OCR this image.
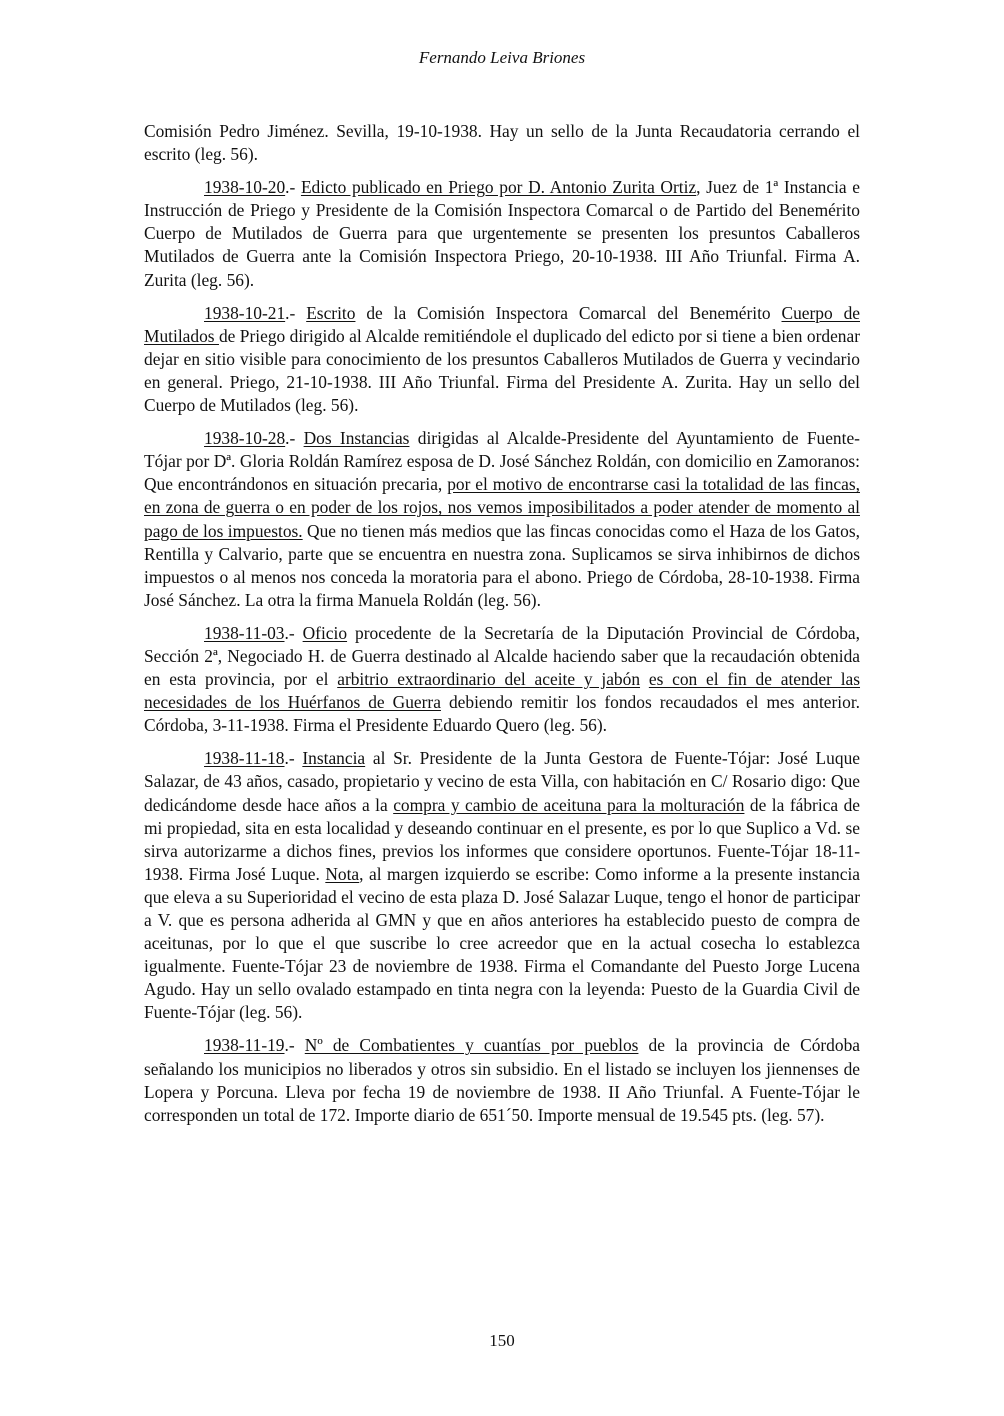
Fernando Leiva Briones

Comisión Pedro Jiménez. Sevilla, 19-10-1938. Hay un sello de la Junta Recaudatoria cerrando el escrito (leg. 56).

1938-10-20.- Edicto publicado en Priego por D. Antonio Zurita Ortiz, Juez de 1ª Instancia e Instrucción de Priego y Presidente de la Comisión Inspectora Comarcal o de Partido del Benemérito Cuerpo de Mutilados de Guerra para que urgentemente se presenten los presuntos Caballeros Mutilados de Guerra ante la Comisión Inspectora Priego, 20-10-1938. III Año Triunfal. Firma A. Zurita (leg. 56).

1938-10-21.- Escrito de la Comisión Inspectora Comarcal del Benemérito Cuerpo de Mutilados de Priego dirigido al Alcalde remitiéndole el duplicado del edicto por si tiene a bien ordenar dejar en sitio visible para conocimiento de los presuntos Caballeros Mutilados de Guerra y vecindario en general. Priego, 21-10-1938. III Año Triunfal. Firma del Presidente A. Zurita. Hay un sello del Cuerpo de Mutilados (leg. 56).

1938-10-28.- Dos Instancias dirigidas al Alcalde-Presidente del Ayuntamiento de Fuente-Tójar por Dª. Gloria Roldán Ramírez esposa de D. José Sánchez Roldán, con domicilio en Zamoranos: Que encontrándonos en situación precaria, por el motivo de encontrarse casi la totalidad de las fincas, en zona de guerra o en poder de los rojos, nos vemos imposibilitados a poder atender de momento al pago de los impuestos. Que no tienen más medios que las fincas conocidas como el Haza de los Gatos, Rentilla y Calvario, parte que se encuentra en nuestra zona. Suplicamos se sirva inhibirnos de dichos impuestos o al menos nos conceda la moratoria para el abono. Priego de Córdoba, 28-10-1938. Firma José Sánchez. La otra la firma Manuela Roldán (leg. 56).

1938-11-03.- Oficio procedente de la Secretaría de la Diputación Provincial de Córdoba, Sección 2ª, Negociado H. de Guerra destinado al Alcalde haciendo saber que la recaudación obtenida en esta provincia, por el arbitrio extraordinario del aceite y jabón es con el fin de atender las necesidades de los Huérfanos de Guerra debiendo remitir los fondos recaudados el mes anterior. Córdoba, 3-11-1938. Firma el Presidente Eduardo Quero (leg. 56).

1938-11-18.- Instancia al Sr. Presidente de la Junta Gestora de Fuente-Tójar: José Luque Salazar, de 43 años, casado, propietario y vecino de esta Villa, con habitación en C/ Rosario digo: Que dedicándome desde hace años a la compra y cambio de aceituna para la molturación de la fábrica de mi propiedad, sita en esta localidad y deseando continuar en el presente, es por lo que Suplico a Vd. se sirva autorizarme a dichos fines, previos los informes que considere oportunos. Fuente-Tójar 18-11-1938. Firma José Luque. Nota, al margen izquierdo se escribe: Como informe a la presente instancia que eleva a su Superioridad el vecino de esta plaza D. José Salazar Luque, tengo el honor de participar a V. que es persona adherida al GMN y que en años anteriores ha establecido puesto de compra de aceitunas, por lo que el que suscribe lo cree acreedor que en la actual cosecha lo establezca igualmente. Fuente-Tójar 23 de noviembre de 1938. Firma el Comandante del Puesto Jorge Lucena Agudo. Hay un sello ovalado estampado en tinta negra con la leyenda: Puesto de la Guardia Civil de Fuente-Tójar (leg. 56).

1938-11-19.- Nº de Combatientes y cuantías por pueblos de la provincia de Córdoba señalando los municipios no liberados y otros sin subsidio. En el listado se incluyen los jiennenses de Lopera y Porcuna. Lleva por fecha 19 de noviembre de 1938. II Año Triunfal. A Fuente-Tójar le corresponden un total de 172. Importe diario de 651´50. Importe mensual de 19.545 pts. (leg. 57).

150
